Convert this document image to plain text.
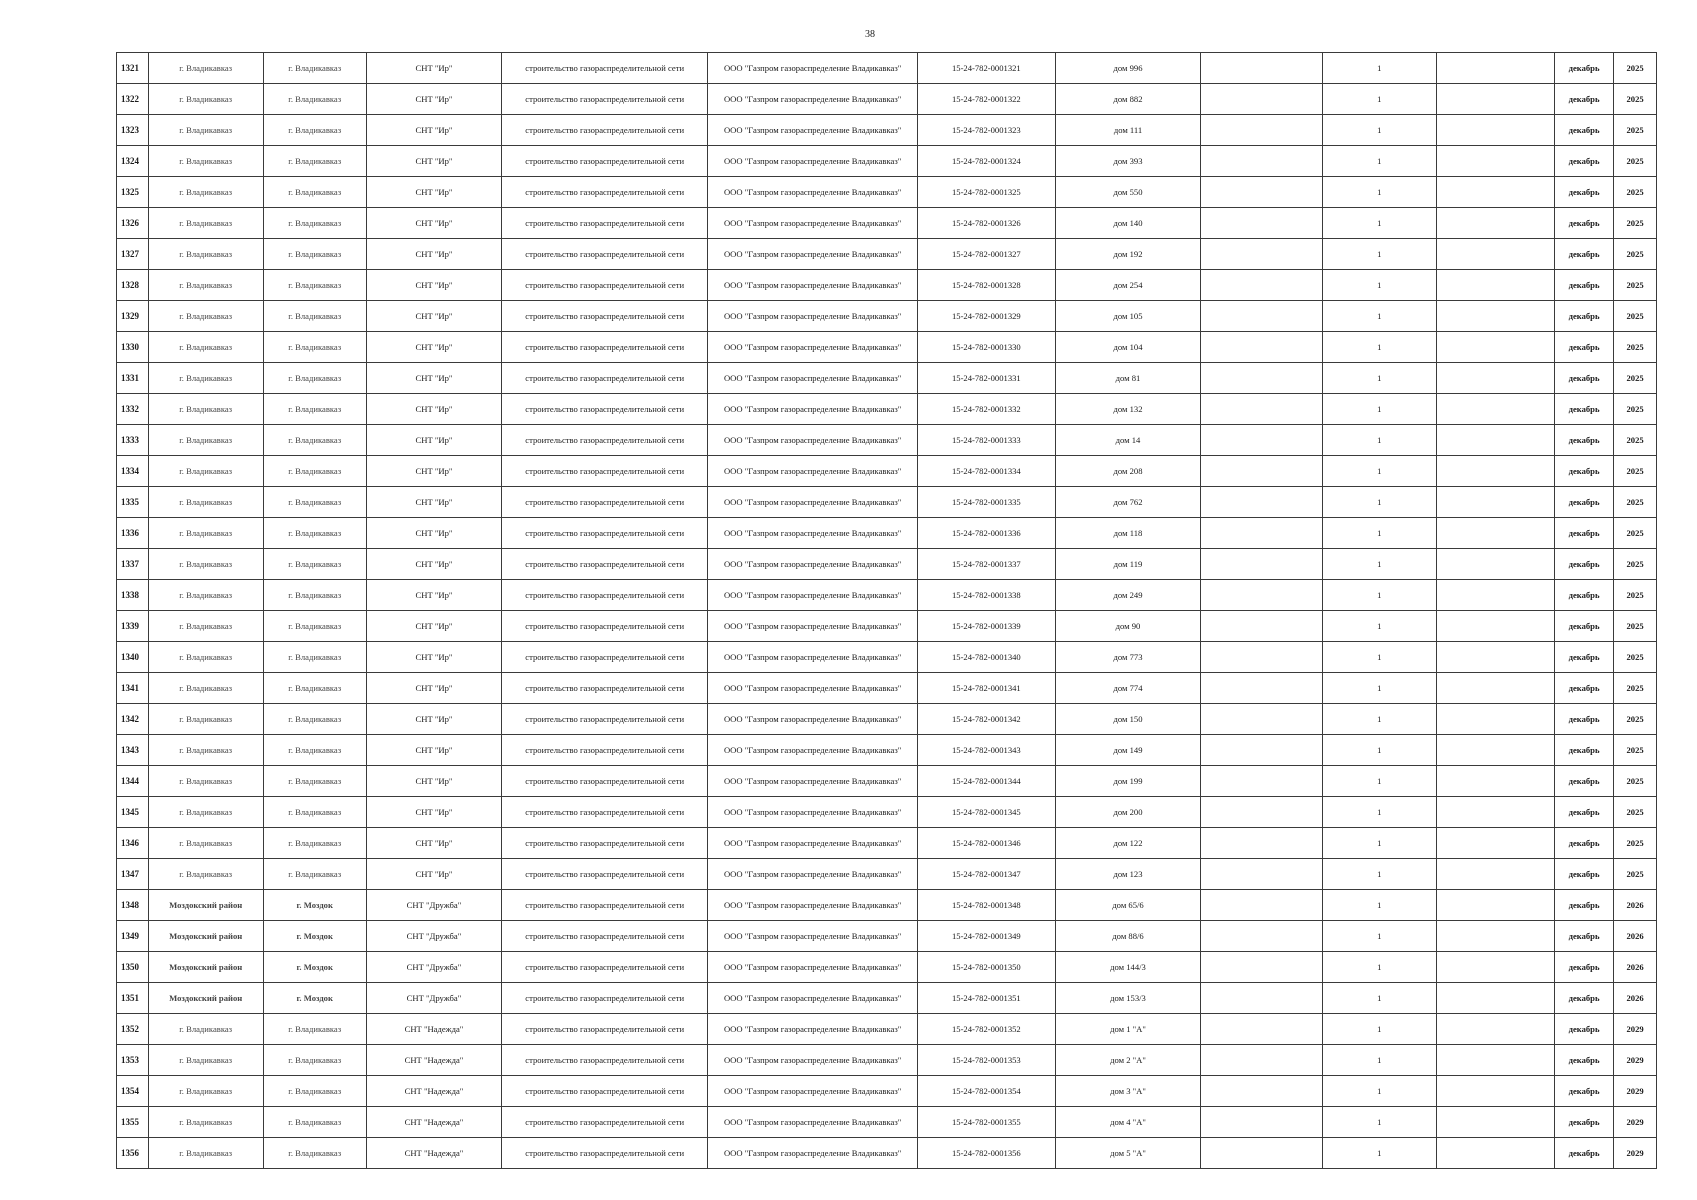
38
1321	г. Владикавказ	г. Владикавказ	СНТ "Ир"	строительство газораспределительной сети	ООО "Газпром газораспределение Владикавказ"	15-24-782-0001321	дом 996		1		декабрь	2025
1322	г. Владикавказ	г. Владикавказ	СНТ "Ир"	строительство газораспределительной сети	ООО "Газпром газораспределение Владикавказ"	15-24-782-0001322	дом 882		1		декабрь	2025
1323	г. Владикавказ	г. Владикавказ	СНТ "Ир"	строительство газораспределительной сети	ООО "Газпром газораспределение Владикавказ"	15-24-782-0001323	дом 111		1		декабрь	2025
1324	г. Владикавказ	г. Владикавказ	СНТ "Ир"	строительство газораспределительной сети	ООО "Газпром газораспределение Владикавказ"	15-24-782-0001324	дом 393		1		декабрь	2025
1325	г. Владикавказ	г. Владикавказ	СНТ "Ир"	строительство газораспределительной сети	ООО "Газпром газораспределение Владикавказ"	15-24-782-0001325	дом 550		1		декабрь	2025
1326	г. Владикавказ	г. Владикавказ	СНТ "Ир"	строительство газораспределительной сети	ООО "Газпром газораспределение Владикавказ"	15-24-782-0001326	дом 140		1		декабрь	2025
1327	г. Владикавказ	г. Владикавказ	СНТ "Ир"	строительство газораспределительной сети	ООО "Газпром газораспределение Владикавказ"	15-24-782-0001327	дом 192		1		декабрь	2025
1328	г. Владикавказ	г. Владикавказ	СНТ "Ир"	строительство газораспределительной сети	ООО "Газпром газораспределение Владикавказ"	15-24-782-0001328	дом 254		1		декабрь	2025
1329	г. Владикавказ	г. Владикавказ	СНТ "Ир"	строительство газораспределительной сети	ООО "Газпром газораспределение Владикавказ"	15-24-782-0001329	дом 105		1		декабрь	2025
1330	г. Владикавказ	г. Владикавказ	СНТ "Ир"	строительство газораспределительной сети	ООО "Газпром газораспределение Владикавказ"	15-24-782-0001330	дом 104		1		декабрь	2025
1331	г. Владикавказ	г. Владикавказ	СНТ "Ир"	строительство газораспределительной сети	ООО "Газпром газораспределение Владикавказ"	15-24-782-0001331	дом 81		1		декабрь	2025
1332	г. Владикавказ	г. Владикавказ	СНТ "Ир"	строительство газораспределительной сети	ООО "Газпром газораспределение Владикавказ"	15-24-782-0001332	дом 132		1		декабрь	2025
1333	г. Владикавказ	г. Владикавказ	СНТ "Ир"	строительство газораспределительной сети	ООО "Газпром газораспределение Владикавказ"	15-24-782-0001333	дом 14		1		декабрь	2025
1334	г. Владикавказ	г. Владикавказ	СНТ "Ир"	строительство газораспределительной сети	ООО "Газпром газораспределение Владикавказ"	15-24-782-0001334	дом 208		1		декабрь	2025
1335	г. Владикавказ	г. Владикавказ	СНТ "Ир"	строительство газораспределительной сети	ООО "Газпром газораспределение Владикавказ"	15-24-782-0001335	дом 762		1		декабрь	2025
1336	г. Владикавказ	г. Владикавказ	СНТ "Ир"	строительство газораспределительной сети	ООО "Газпром газораспределение Владикавказ"	15-24-782-0001336	дом 118		1		декабрь	2025
1337	г. Владикавказ	г. Владикавказ	СНТ "Ир"	строительство газораспределительной сети	ООО "Газпром газораспределение Владикавказ"	15-24-782-0001337	дом 119		1		декабрь	2025
1338	г. Владикавказ	г. Владикавказ	СНТ "Ир"	строительство газораспределительной сети	ООО "Газпром газораспределение Владикавказ"	15-24-782-0001338	дом 249		1		декабрь	2025
1339	г. Владикавказ	г. Владикавказ	СНТ "Ир"	строительство газораспределительной сети	ООО "Газпром газораспределение Владикавказ"	15-24-782-0001339	дом 90		1		декабрь	2025
1340	г. Владикавказ	г. Владикавказ	СНТ "Ир"	строительство газораспределительной сети	ООО "Газпром газораспределение Владикавказ"	15-24-782-0001340	дом 773		1		декабрь	2025
1341	г. Владикавказ	г. Владикавказ	СНТ "Ир"	строительство газораспределительной сети	ООО "Газпром газораспределение Владикавказ"	15-24-782-0001341	дом 774		1		декабрь	2025
1342	г. Владикавказ	г. Владикавказ	СНТ "Ир"	строительство газораспределительной сети	ООО "Газпром газораспределение Владикавказ"	15-24-782-0001342	дом 150		1		декабрь	2025
1343	г. Владикавказ	г. Владикавказ	СНТ "Ир"	строительство газораспределительной сети	ООО "Газпром газораспределение Владикавказ"	15-24-782-0001343	дом 149		1		декабрь	2025
1344	г. Владикавказ	г. Владикавказ	СНТ "Ир"	строительство газораспределительной сети	ООО "Газпром газораспределение Владикавказ"	15-24-782-0001344	дом 199		1		декабрь	2025
1345	г. Владикавказ	г. Владикавказ	СНТ "Ир"	строительство газораспределительной сети	ООО "Газпром газораспределение Владикавказ"	15-24-782-0001345	дом 200		1		декабрь	2025
1346	г. Владикавказ	г. Владикавказ	СНТ "Ир"	строительство газораспределительной сети	ООО "Газпром газораспределение Владикавказ"	15-24-782-0001346	дом 122		1		декабрь	2025
1347	г. Владикавказ	г. Владикавказ	СНТ "Ир"	строительство газораспределительной сети	ООО "Газпром газораспределение Владикавказ"	15-24-782-0001347	дом 123		1		декабрь	2025
1348	Моздокский район	г. Моздок	СНТ "Дружба"	строительство газораспределительной сети	ООО "Газпром газораспределение Владикавказ"	15-24-782-0001348	дом 65/6		1		декабрь	2026
1349	Моздокский район	г. Моздок	СНТ "Дружба"	строительство газораспределительной сети	ООО "Газпром газораспределение Владикавказ"	15-24-782-0001349	дом 88/6		1		декабрь	2026
1350	Моздокский район	г. Моздок	СНТ "Дружба"	строительство газораспределительной сети	ООО "Газпром газораспределение Владикавказ"	15-24-782-0001350	дом 144/3		1		декабрь	2026
1351	Моздокский район	г. Моздок	СНТ "Дружба"	строительство газораспределительной сети	ООО "Газпром газораспределение Владикавказ"	15-24-782-0001351	дом 153/3		1		декабрь	2026
1352	г. Владикавказ	г. Владикавказ	СНТ "Надежда"	строительство газораспределительной сети	ООО "Газпром газораспределение Владикавказ"	15-24-782-0001352	дом 1 "А"		1		декабрь	2029
1353	г. Владикавказ	г. Владикавказ	СНТ "Надежда"	строительство газораспределительной сети	ООО "Газпром газораспределение Владикавказ"	15-24-782-0001353	дом 2 "А"		1		декабрь	2029
1354	г. Владикавказ	г. Владикавказ	СНТ "Надежда"	строительство газораспределительной сети	ООО "Газпром газораспределение Владикавказ"	15-24-782-0001354	дом 3 "А"		1		декабрь	2029
1355	г. Владикавказ	г. Владикавказ	СНТ "Надежда"	строительство газораспределительной сети	ООО "Газпром газораспределение Владикавказ"	15-24-782-0001355	дом 4 "А"		1		декабрь	2029
1356	г. Владикавказ	г. Владикавказ	СНТ "Надежда"	строительство газораспределительной сети	ООО "Газпром газораспределение Владикавказ"	15-24-782-0001356	дом 5 "А"		1		декабрь	2029
